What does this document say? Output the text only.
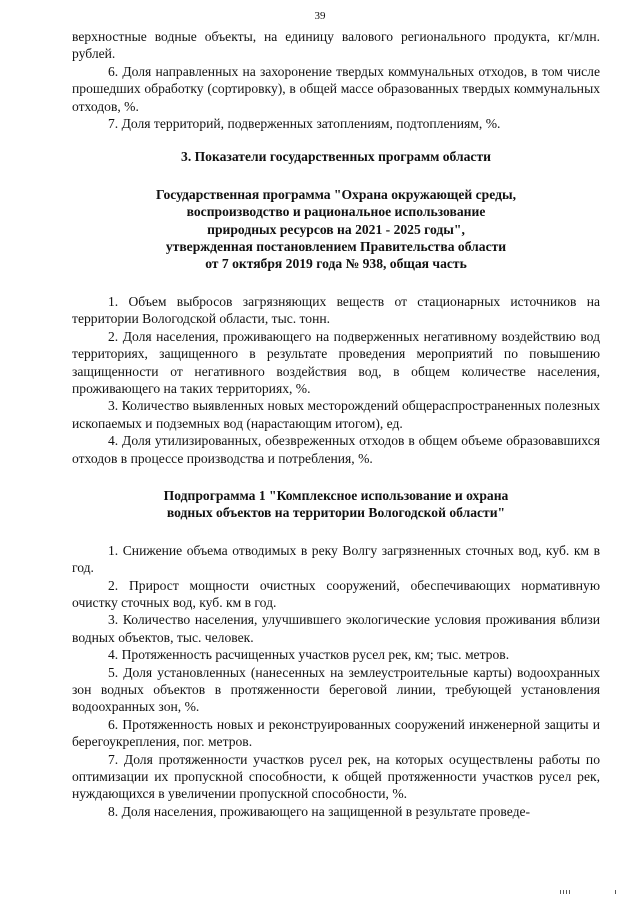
39

верхностные водные объекты, на единицу валового регионального продукта, кг/млн. рублей.

6. Доля направленных на захоронение твердых коммунальных отходов, в том числе прошедших обработку (сортировку), в общей массе образованных твердых коммунальных отходов, %.

7. Доля территорий, подверженных затоплениям, подтоплениям, %.

3. Показатели государственных программ области
Государственная программа "Охрана окружающей среды,
воспроизводство и рациональное использование
природных ресурсов на 2021 - 2025 годы",
утвержденная постановлением Правительства области
от 7 октября 2019 года № 938, общая часть

1. Объем выбросов загрязняющих веществ от стационарных источников на территории Вологодской области, тыс. тонн.

2. Доля населения, проживающего на подверженных негативному воздействию вод территориях, защищенного в результате проведения мероприятий по повышению защищенности от негативного воздействия вод, в общем количестве населения, проживающего на таких территориях, %.

3. Количество выявленных новых месторождений общераспространенных полезных ископаемых и подземных вод (нарастающим итогом), ед.

4. Доля утилизированных, обезвреженных отходов в общем объеме образовавшихся отходов в процессе производства и потребления, %.

Подпрограмма 1 "Комплексное использование и охрана
водных объектов на территории Вологодской области"

1. Снижение объема отводимых в реку Волгу загрязненных сточных вод, куб. км в год.

2. Прирост мощности очистных сооружений, обеспечивающих нормативную очистку сточных вод, куб. км в год.

3. Количество населения, улучшившего экологические условия проживания вблизи водных объектов, тыс. человек.

4. Протяженность расчищенных участков русел рек, км; тыс. метров.

5. Доля установленных (нанесенных на землеустроительные карты) водоохранных зон водных объектов в протяженности береговой линии, требующей установления водоохранных зон, %.

6. Протяженность новых и реконструированных сооружений инженерной защиты и берегоукрепления, пог. метров.

7. Доля протяженности участков русел рек, на которых осуществлены работы по оптимизации их пропускной способности, к общей протяженности участков русел рек, нуждающихся в увеличении пропускной способности, %.

8. Доля населения, проживающего на защищенной в результате проведе-
